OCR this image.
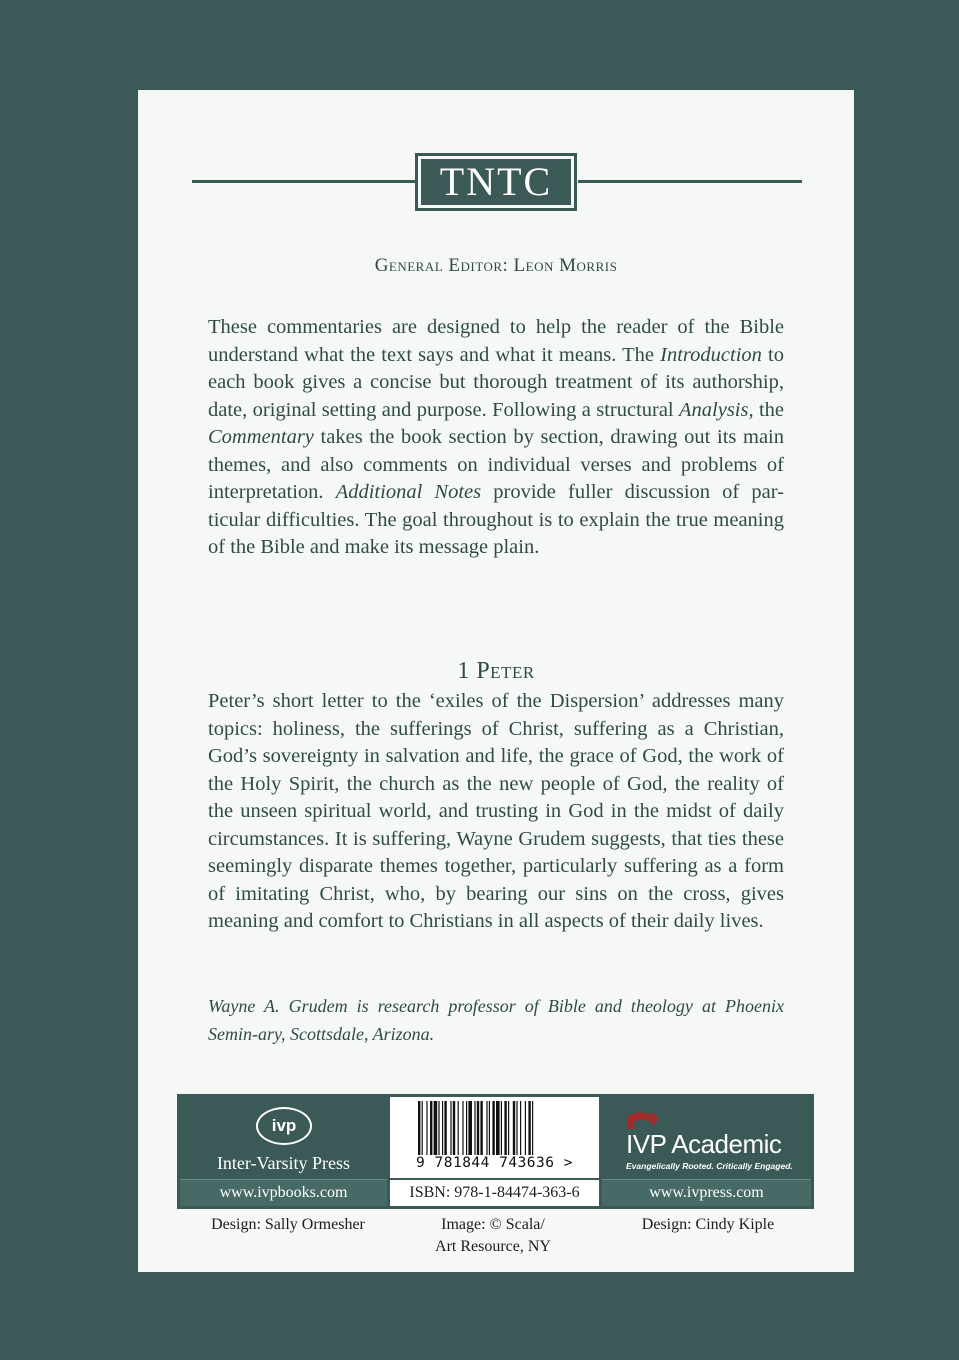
TNTC
General Editor: Leon Morris
These commentaries are designed to help the reader of the Bible understand what the text says and what it means. The Introduction to each book gives a concise but thorough treatment of its authorship, date, original setting and purpose. Following a structural Analysis, the Commentary takes the book section by section, drawing out its main themes, and also comments on individual verses and problems of interpretation. Additional Notes provide fuller discussion of par-ticular difficulties. The goal throughout is to explain the true meaning of the Bible and make its message plain.
1 Peter
Peter’s short letter to the ‘exiles of the Dispersion’ addresses many topics: holiness, the sufferings of Christ, suffering as a Christian, God’s sovereignty in salvation and life, the grace of God, the work of the Holy Spirit, the church as the new people of God, the reality of the unseen spiritual world, and trusting in God in the midst of daily circumstances. It is suffering, Wayne Grudem suggests, that ties these seemingly disparate themes together, particularly suffering as a form of imitating Christ, who, by bearing our sins on the cross, gives meaning and comfort to Christians in all aspects of their daily lives.
Wayne A. Grudem is research professor of Bible and theology at Phoenix Semin-ary, Scottsdale, Arizona.
ivp
Inter-Varsity Press
www.ivpbooks.com
9 781844 743636 >
ISBN: 978-1-84474-363-6
IVP Academic
Evangelically Rooted. Critically Engaged.
www.ivpress.com
Design: Sally Ormesher	Image: © Scala/
Art Resource, NY
Design: Cindy Kiple
